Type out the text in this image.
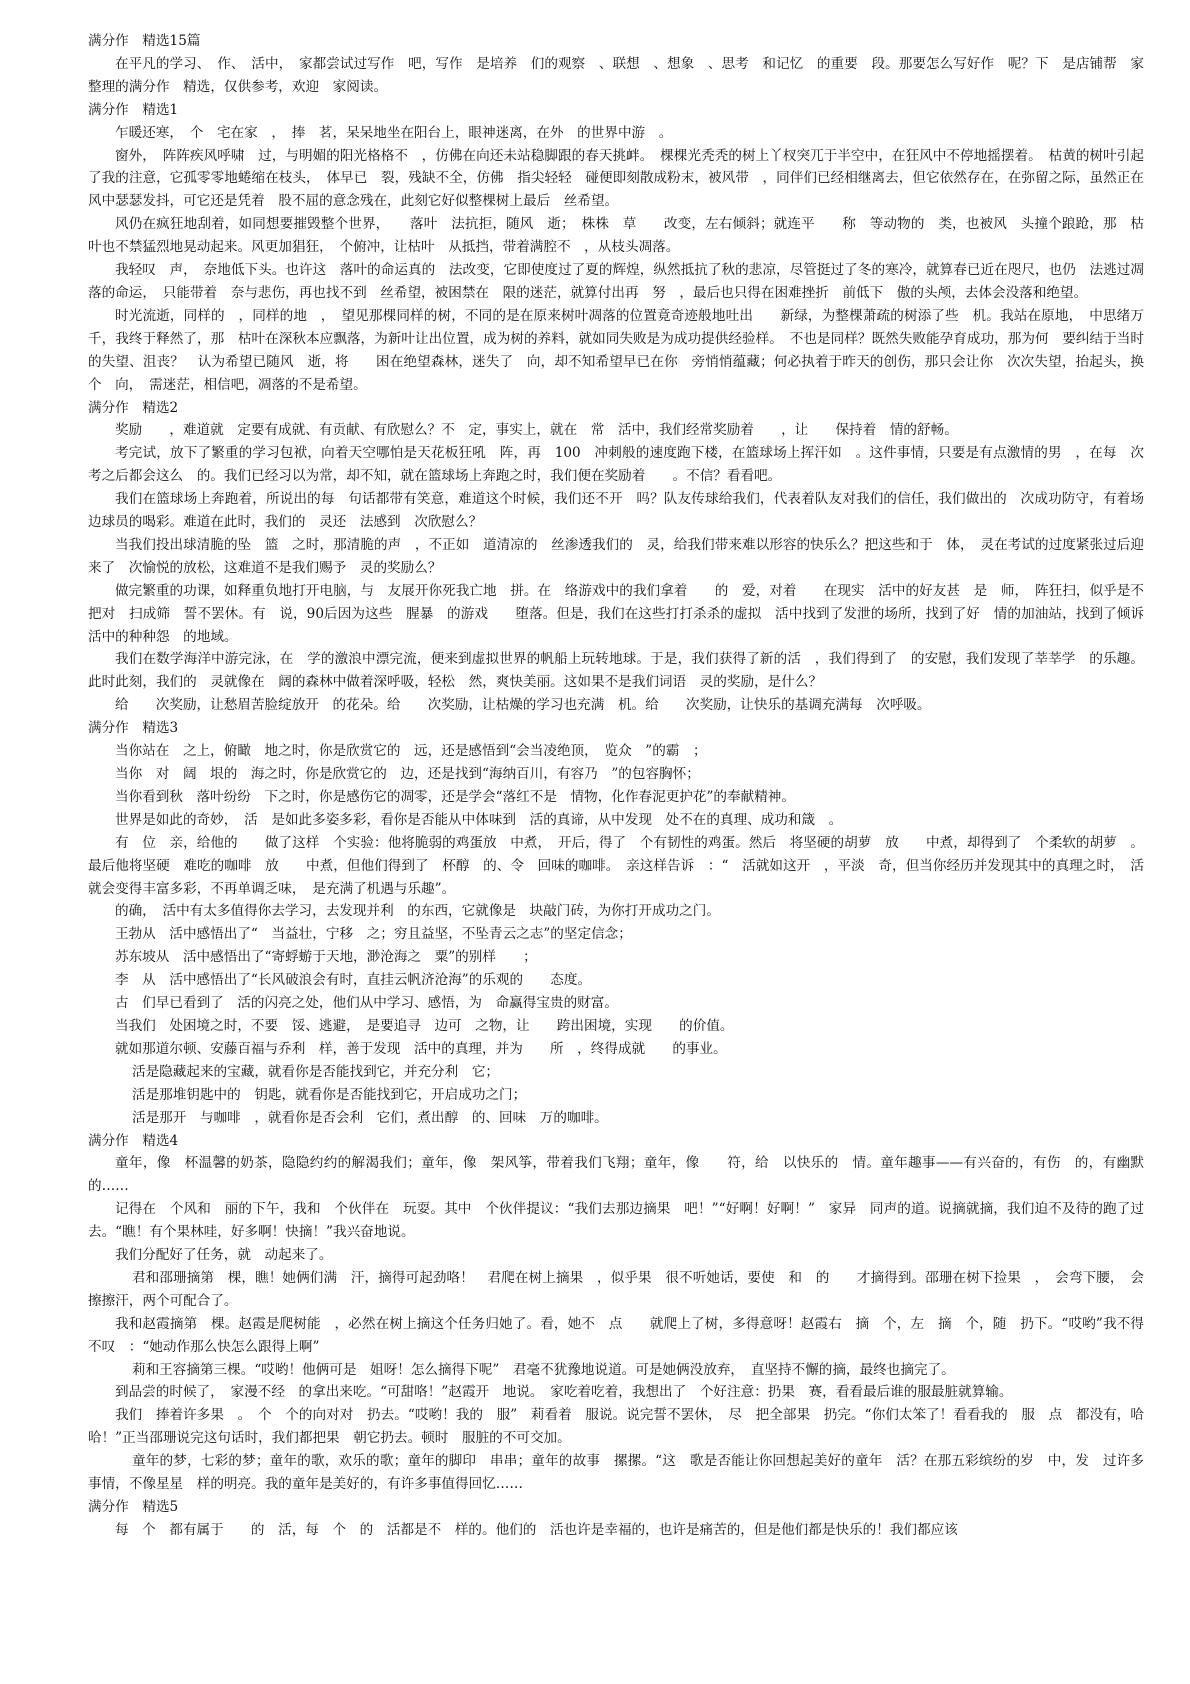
满分作　精选15篇

在平凡的学习、　作、　活中，　家都尝试过写作　吧，写作　是培养　们的观察　、联想　、想象　、思考　和记忆　的重要　段。那要怎么写好作　呢？下　是店铺帮　家整理的满分作　精选，仅供参考，欢迎　家阅读。

满分作　精选1

乍暖还寒，　个　宅在家　，　捧　茗，呆呆地坐在阳台上，眼神迷离，在外　的世界中游　。

窗外，　阵阵疾风呼啸　过，与明媚的阳光格格不　，仿佛在向还未站稳脚跟的春天挑衅。　棵棵光秃秃的树上丫杈突兀于半空中，在狂风中不停地摇摆着。　枯黄的树叶引起了我的注意，它孤零零地蜷缩在枝头，　体早已　裂，残缺不全，仿佛　指尖轻轻　碰便即刻散成粉末，被风带　，同伴们已经相继离去，但它依然存在，在弥留之际，虽然正在风中瑟瑟发抖，可它还是凭着　股不屈的意念残在，此刻它好似整棵树上最后　丝希望。

风仍在疯狂地刮着，如同想要摧毁整个世界，　　落叶　法抗拒，随风　逝；　株株　草　　改变，左右倾斜；就连平　　称　等动物的　类，也被风　头撞个踉跄，那　枯叶也不禁猛烈地晃动起来。风更加猖狂，　个俯冲，让枯叶　从抵挡，带着满腔不　，从枝头凋落。

我轻叹　声，　奈地低下头。也许这　落叶的命运真的　法改变，它即使度过了夏的辉煌，纵然抵抗了秋的悲凉，尽管挺过了冬的寒冷，就算春已近在咫尺，也仍　法逃过凋落的命运，　只能带着　奈与悲伤，再也找不到　丝希望，被困禁在　限的迷茫，就算付出再　努　，最后也只得在困难挫折　前低下　傲的头颅，去体会没落和绝望。

时光流逝，同样的　，同样的地　，　望见那棵同样的树，不同的是在原来树叶凋落的位置竟奇迹般地吐出　　新绿，为整棵萧疏的树添了些　机。我站在原地，　中思绪万千，我终于释然了，那　枯叶在深秋本应飘落，为新叶让出位置，成为树的养料，就如同失败是为成功提供经验样。　不也是同样？既然失败能孕育成功，那为何　要纠结于当时的失望、沮丧？　认为希望已随风　逝，将　　困在绝望森林，迷失了　向，却不知希望早已在你　旁悄悄蕴藏；何必执着于昨天的创伤，那只会让你　次次失望，抬起头，换个　向，　需迷茫，相信吧，凋落的不是希望。

满分作　精选2

奖励　　，难道就　定要有成就、有贡献、有欣慰么？不　定，事实上，就在　常　活中，我们经常奖励着　　，让　　保持着　情的舒畅。

考完试，放下了繁重的学习包袱，向着天空哪怕是天花板狂吼　阵，再　100　冲刺般的速度跑下楼，在篮球场上挥汗如　。这件事情，只要是有点激情的男　，在每　次　考之后都会这么　的。我们已经习以为常，却不知，就在篮球场上奔跑之时，我们便在奖励着　　。不信？看看吧。

我们在篮球场上奔跑着，所说出的每　句话都带有笑意，难道这个时候，我们还不开　吗？队友传球给我们，代表着队友对我们的信任，我们做出的　次成功防守，有着场边球员的喝彩。难道在此时，我们的　灵还　法感到　次欣慰么？

当我们投出球清脆的坠　篮　之时，那清脆的声　，不正如　道清凉的　丝渗透我们的　灵，给我们带来难以形容的快乐么？把这些和于　体，　灵在考试的过度紧张过后迎来了　次愉悦的放松，这难道不是我们赐予　灵的奖励么？

做完繁重的功课，如释重负地打开电脑，与　友展开你死我亡地　拼。在　络游戏中的我们拿着　　的　爱，对着　　在现实　活中的好友甚　是　师，　阵狂扫，似乎是不把对　扫成筛　誓不罢休。有　说，90后因为这些　腥暴　的游戏　　堕落。但是，我们在这些打打杀杀的虚拟　活中找到了发泄的场所，找到了好　情的加油站，找到了倾诉　活中的种种怨　的地域。

我们在数学海洋中游完泳，在　学的激浪中漂完流，便来到虚拟世界的帆船上玩转地球。于是，我们获得了新的活　，我们得到了　的安慰，我们发现了莘莘学　的乐趣。此时此刻，我们的　灵就像在　阔的森林中做着深呼吸，轻松　然，爽快美丽。这如果不是我们词语　灵的奖励，是什么？

给　　次奖励，让愁眉苦脸绽放开　的花朵。给　　次奖励，让枯燥的学习也充满　机。给　　次奖励，让快乐的基调充满每　次呼吸。

满分作　精选3

当你站在　之上，俯瞰　地之时，你是欣赏它的　远，还是感悟到“会当凌绝顶，　览众　”的霸　；

当你　对　阔　垠的　海之时，你是欣赏它的　边，还是找到“海纳百川，有容乃　”的包容胸怀；

当你看到秋　落叶纷纷　下之时，你是感伤它的凋零，还是学会“落红不是　情物，化作春泥更护花”的奉献精神。

世界是如此的奇妙，　活　是如此多姿多彩，看你是否能从中体味到　活的真谛，从中发现　处不在的真理、成功和箴　。

有　位　亲，给他的　　做了这样　个实验：他将脆弱的鸡蛋放　中煮，　开后，得了　个有韧性的鸡蛋。然后　将坚硬的胡萝　放　　中煮，却得到了　个柔软的胡萝　。最后他将坚硬　难吃的咖啡　放　　中煮，但他们得到了　杯醇　的、令　回味的咖啡。　亲这样告诉　：“　活就如这开　，平淡　奇，但当你经历并发现其中的真理之时，　活就会变得丰富多彩，不再单调乏味，　是充满了机遇与乐趣”。

的确，　活中有太多值得你去学习，去发现并利　的东西，它就像是　块敲门砖，为你打开成功之门。

王勃从　活中感悟出了“　当益壮，宁移　之；穷且益坚，不坠青云之志”的坚定信念；

苏东坡从　活中感悟出了“寄蜉蝣于天地，渺沧海之　粟”的别样　　；

李　从　活中感悟出了“长风破浪会有时，直挂云帆济沧海”的乐观的　　态度。

古　们早已看到了　活的闪亮之处，他们从中学习、感悟，为　命赢得宝贵的财富。

当我们　处困境之时，不要　馁、逃避，　是要追寻　边可　之物，让　　跨出困境，实现　　的价值。

就如那道尔顿、安藤百福与乔利　样，善于发现　活中的真理，并为　　所　，终得成就　　的事业。

活是隐藏起来的宝藏，就看你是否能找到它，并充分利　它；

活是那堆钥匙中的　钥匙，就看你是否能找到它，开启成功之门；

活是那开　与咖啡　，就看你是否会利　它们，煮出醇　的、回味　万的咖啡。

满分作　精选4

童年，像　杯温馨的奶茶，隐隐约约的解渴我们；童年，像　架风筝，带着我们飞翔；童年，像　　符，给　以快乐的　情。童年趣事——有兴奋的，有伤　的，有幽默的……

记得在　个风和　丽的下午，我和　个伙伴在　玩耍。其中　个伙伴提议：“我们去那边摘果　吧！”“好啊！好啊！”　家异　同声的道。说摘就摘，我们迫不及待的跑了过去。“瞧！有个果林哇，好多啊！快摘！”我兴奋地说。

我们分配好了任务，就　动起来了。

君和邵珊摘第　棵，瞧！她俩们满　汗，摘得可起劲咯！　君爬在树上摘果　，似乎果　很不听她话，要使　和　的　　才摘得到。邵珊在树下捡果　，　会弯下腰，　会擦擦汗，两个可配合了。

我和赵霞摘第　棵。赵霞是爬树能　，必然在树上摘这个任务归她了。看，她不　点　　就爬上了树，多得意呀！赵霞右　摘　个，左　摘　个，随　扔下。“哎哟”我不得不叹　：“她动作那么快怎么跟得上啊”

莉和王容摘第三棵。“哎哟！他俩可是　姐呀！怎么摘得下呢”　君毫不犹豫地说道。可是她俩没放弃，　直坚持不懈的摘，最终也摘完了。

到品尝的时候了，　家漫不经　的拿出来吃。“可甜咯！”赵霞开　地说。　家吃着吃着，我想出了　个好注意：扔果　赛，看看最后谁的服最脏就算输。

我们　捧着许多果　。　个　个的向对对　扔去。“哎哟！我的　服”　莉看着　服说。说完誓不罢休，　尽　把全部果　扔完。“你们太笨了！看看我的　服　点　都没有，哈哈！”正当邵珊说完这句话时，我们都把果　朝它扔去。顿时　服脏的不可交加。

童年的梦，七彩的梦；童年的歌，欢乐的歌；童年的脚印　串串；童年的故事　摞摞。“这　歌是否能让你回想起美好的童年　活？在那五彩缤纷的岁　中，发　过许多事情，不像星星　样的明亮。我的童年是美好的，有许多事值得回忆……

满分作　精选5

每　个　都有属于　　的　活，每　个　的　活都是不　样的。他们的　活也许是幸福的，也许是痛苦的，但是他们都是快乐的！我们都应该
